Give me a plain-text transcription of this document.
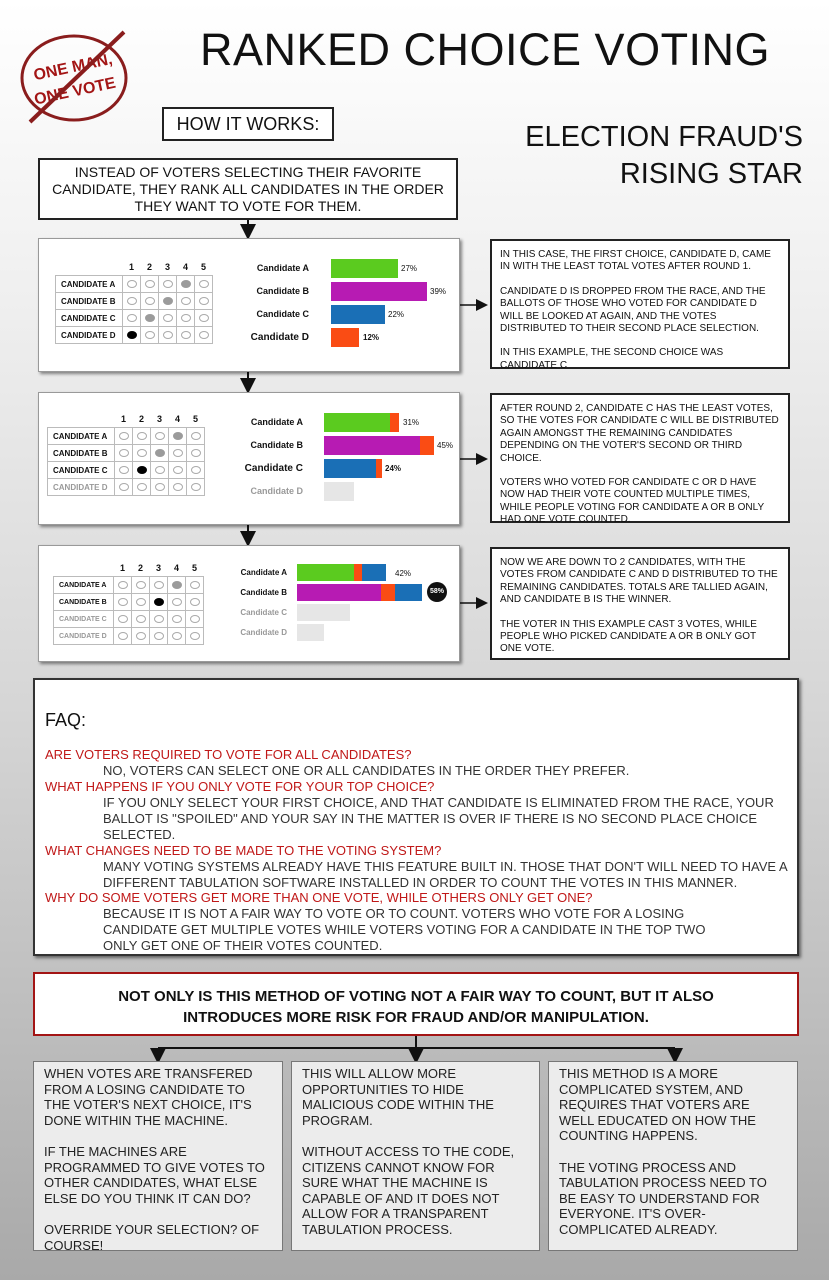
ONE MAN,
ONE VOTE
RANKED CHOICE VOTING
ELECTION FRAUD'S
RISING STAR
HOW IT WORKS:
INSTEAD OF VOTERS SELECTING THEIR FAVORITE CANDIDATE, THEY RANK ALL CANDIDATES IN THE ORDER THEY WANT TO VOTE FOR THEM.
	1	2	3	4	5
CANDIDATE A					
CANDIDATE B					
CANDIDATE C					
CANDIDATE D					
Candidate A	27%
Candidate B	39%
Candidate C	22%
Candidate D	12%

IN THIS CASE, THE FIRST CHOICE, CANDIDATE D, CAME IN WITH THE LEAST TOTAL VOTES AFTER ROUND 1.

CANDIDATE D IS DROPPED FROM THE RACE, AND THE BALLOTS OF THOSE WHO VOTED FOR CANDIDATE D WILL BE LOOKED AT AGAIN, AND THE VOTES DISTRIBUTED TO THEIR SECOND PLACE SELECTION.

IN THIS EXAMPLE, THE SECOND CHOICE WAS CANDIDATE C

	1	2	3	4	5
CANDIDATE A					
CANDIDATE B					
CANDIDATE C					
CANDIDATE D					
Candidate A	31%
Candidate B	45%
Candidate C	24%
Candidate D

AFTER ROUND 2, CANDIDATE C HAS THE LEAST VOTES, SO THE VOTES FOR CANDIDATE C WILL BE DISTRIBUTED AGAIN AMONGST THE REMAINING CANDIDATES DEPENDING ON THE VOTER'S SECOND OR THIRD CHOICE.

VOTERS WHO VOTED FOR CANDIDATE C OR D HAVE NOW HAD THEIR VOTE COUNTED MULTIPLE TIMES, WHILE PEOPLE VOTING FOR CANDIDATE A OR B ONLY HAD ONE VOTE COUNTED.

	1	2	3	4	5
CANDIDATE A					
CANDIDATE B					
CANDIDATE C					
CANDIDATE D					
Candidate A	42%
Candidate B	58%
Candidate C
Candidate D

NOW WE ARE DOWN TO 2 CANDIDATES, WITH THE VOTES FROM CANDIDATE C AND D DISTRIBUTED TO THE REMAINING CANDIDATES. TOTALS ARE TALLIED AGAIN, AND CANDIDATE B IS THE WINNER.

THE VOTER IN THIS EXAMPLE CAST 3 VOTES, WHILE PEOPLE WHO PICKED CANDIDATE A OR B ONLY GOT ONE VOTE.

FAQ:
ARE VOTERS REQUIRED TO VOTE FOR ALL CANDIDATES?
NO, VOTERS CAN SELECT ONE OR ALL CANDIDATES IN THE ORDER THEY PREFER.
WHAT HAPPENS IF YOU ONLY VOTE FOR YOUR TOP CHOICE?
IF YOU ONLY SELECT YOUR FIRST CHOICE, AND THAT CANDIDATE IS ELIMINATED FROM THE RACE, YOUR BALLOT IS "SPOILED" AND YOUR SAY IN THE MATTER IS OVER IF THERE IS NO SECOND PLACE CHOICE SELECTED.
WHAT CHANGES NEED TO BE MADE TO THE VOTING SYSTEM?
MANY VOTING SYSTEMS ALREADY HAVE THIS FEATURE BUILT IN. THOSE THAT DON'T WILL NEED TO HAVE A DIFFERENT TABULATION SOFTWARE INSTALLED IN ORDER TO COUNT THE VOTES IN THIS MANNER.
WHY DO SOME VOTERS GET MORE THAN ONE VOTE, WHILE OTHERS ONLY GET ONE?
BECAUSE IT IS NOT A FAIR WAY TO VOTE OR TO COUNT. VOTERS WHO VOTE FOR A LOSING CANDIDATE GET MULTIPLE VOTES WHILE VOTERS VOTING FOR A CANDIDATE IN THE TOP TWO ONLY GET ONE OF THEIR VOTES COUNTED.
NOT ONLY IS THIS METHOD OF VOTING NOT A FAIR WAY TO COUNT, BUT IT ALSO
INTRODUCES MORE RISK FOR FRAUD AND/OR MANIPULATION.

WHEN VOTES ARE TRANSFERED FROM A LOSING CANDIDATE TO THE VOTER'S NEXT CHOICE, IT'S DONE WITHIN THE MACHINE.

IF THE MACHINES ARE PROGRAMMED TO GIVE VOTES TO OTHER CANDIDATES, WHAT ELSE ELSE DO YOU THINK IT CAN DO?

OVERRIDE YOUR SELECTION? OF COURSE!

THIS WILL ALLOW MORE OPPORTUNITIES TO HIDE MALICIOUS CODE WITHIN THE PROGRAM.

WITHOUT ACCESS TO THE CODE, CITIZENS CANNOT KNOW FOR SURE WHAT THE MACHINE IS CAPABLE OF AND IT DOES NOT ALLOW FOR A TRANSPARENT TABULATION PROCESS.

THIS METHOD IS A MORE COMPLICATED SYSTEM, AND REQUIRES THAT VOTERS ARE WELL EDUCATED ON HOW THE COUNTING HAPPENS.

THE VOTING PROCESS AND TABULATION PROCESS NEED TO BE EASY TO UNDERSTAND FOR EVERYONE. IT'S OVER-COMPLICATED ALREADY.
